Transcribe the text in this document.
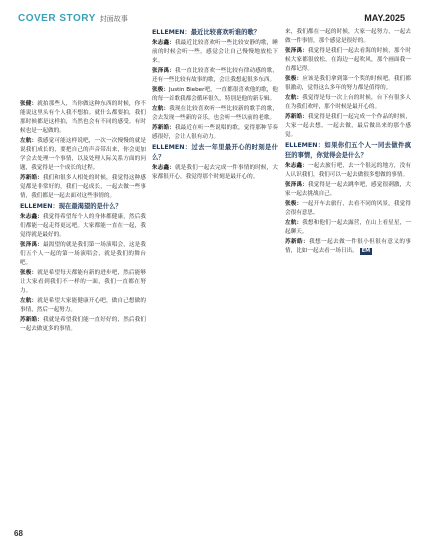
COVER STORY 封面故事	MAY.2025

张健：就拍那些人，当你做这种东西的时候，你不能说这里头有个人我不想拍。就什么都要拍，我们那时候都是这样拍，当然也会有不同的感受。有时候也是一起做的。

左航：我感觉可能这样说吧，一次一次慢慢的就是说我们成长的，要把自己的声音带出来，你会更加学会去处理一个事情，以及处理人际关系方面的问题，我觉得是一个成长的过程。

苏新皓：我们和很多人相处的时候，我觉得这种感觉都是非常好的，我们一起成长，一起去做一些事情，我们都是一起去面对这些事情的。

ELLEMEN：现在最渴望的是什么？

朱志鑫：我觉得希望每个人的身体都健康，然后我们都能一起走得更远吧。大家都能一直在一起，我觉得就是最好的。

张泽禹：最渴望的就是我们第一场演唱会，这是我们五个人一起的第一场演唱会，就是我们的舞台吧。

张极：就是希望每天都能有新的进步吧，然后能够让大家看到我们不一样的一面，我们一直都在努力。

左航：就是希望大家能健康开心吧，做自己想做的事情，然后一起努力。

苏新皓：我就是希望我们能一直好好的，然后我们一起去做更多的事情。

ELLEMEN：最近比较喜欢听谁的歌？

朱志鑫：我最近比较喜欢听一些比较安静的歌，睡前的时候会听一些，感觉会让自己慢慢地放松下来。

张泽禹：我一直比较喜欢一些比较有律动感的歌，还有一些比较有故事的歌，会让我想起很多东西。

张极：Justin Bieber吧，一直都很喜欢他的歌，他的每一首歌我都会循环很久，特别是他的新专辑。

左航：我现在比较喜欢听一些比较新的歌手的歌，会去发现一些新的音乐，也会听一些以前的老歌。

苏新皓：我最近在听一些说唱的歌，觉得那种节奏感很好，会让人很有动力。

ELLEMEN：过去一年里最开心的时刻是什么？

朱志鑫：就是我们一起去完成一件事情的时候，大家都很开心，我觉得那个时刻是最开心的。

来，我们都在一起的时候，大家一起努力，一起去做一件事情，那个感觉是很好的。

张泽禹：我觉得是我们一起去看海的时候，那个时候大家都很放松，在海边一起吹风，那个画面我一直都记得。

张极：应该是我们拿到第一个奖的时候吧，我们都很激动，觉得这么多年的努力都是值得的。

左航：我觉得是每一次上台的时候，台下有很多人在为我们欢呼，那个时候是最开心的。

苏新皓：我觉得是我们一起完成一个作品的时候，大家一起去想，一起去做，最后做出来的那个感觉。

ELLEMEN：如果你们五个人一同去做件疯狂的事情，你觉得会是什么？

朱志鑫：一起去旅行吧，去一个很远的地方，没有人认识我们，我们可以一起去做很多想做的事情。

张泽禹：我觉得是一起去跳伞吧，感觉很刺激，大家一起去挑战自己。

张极：一起开车去旅行，去看不同的风景，我觉得会很有意思。

左航：我想和他们一起去露营，在山上看星星，一起聊天。

苏新皓：我想一起去做一件很小但很有意义的事情，比如一起去看一场日出。 EM

68
